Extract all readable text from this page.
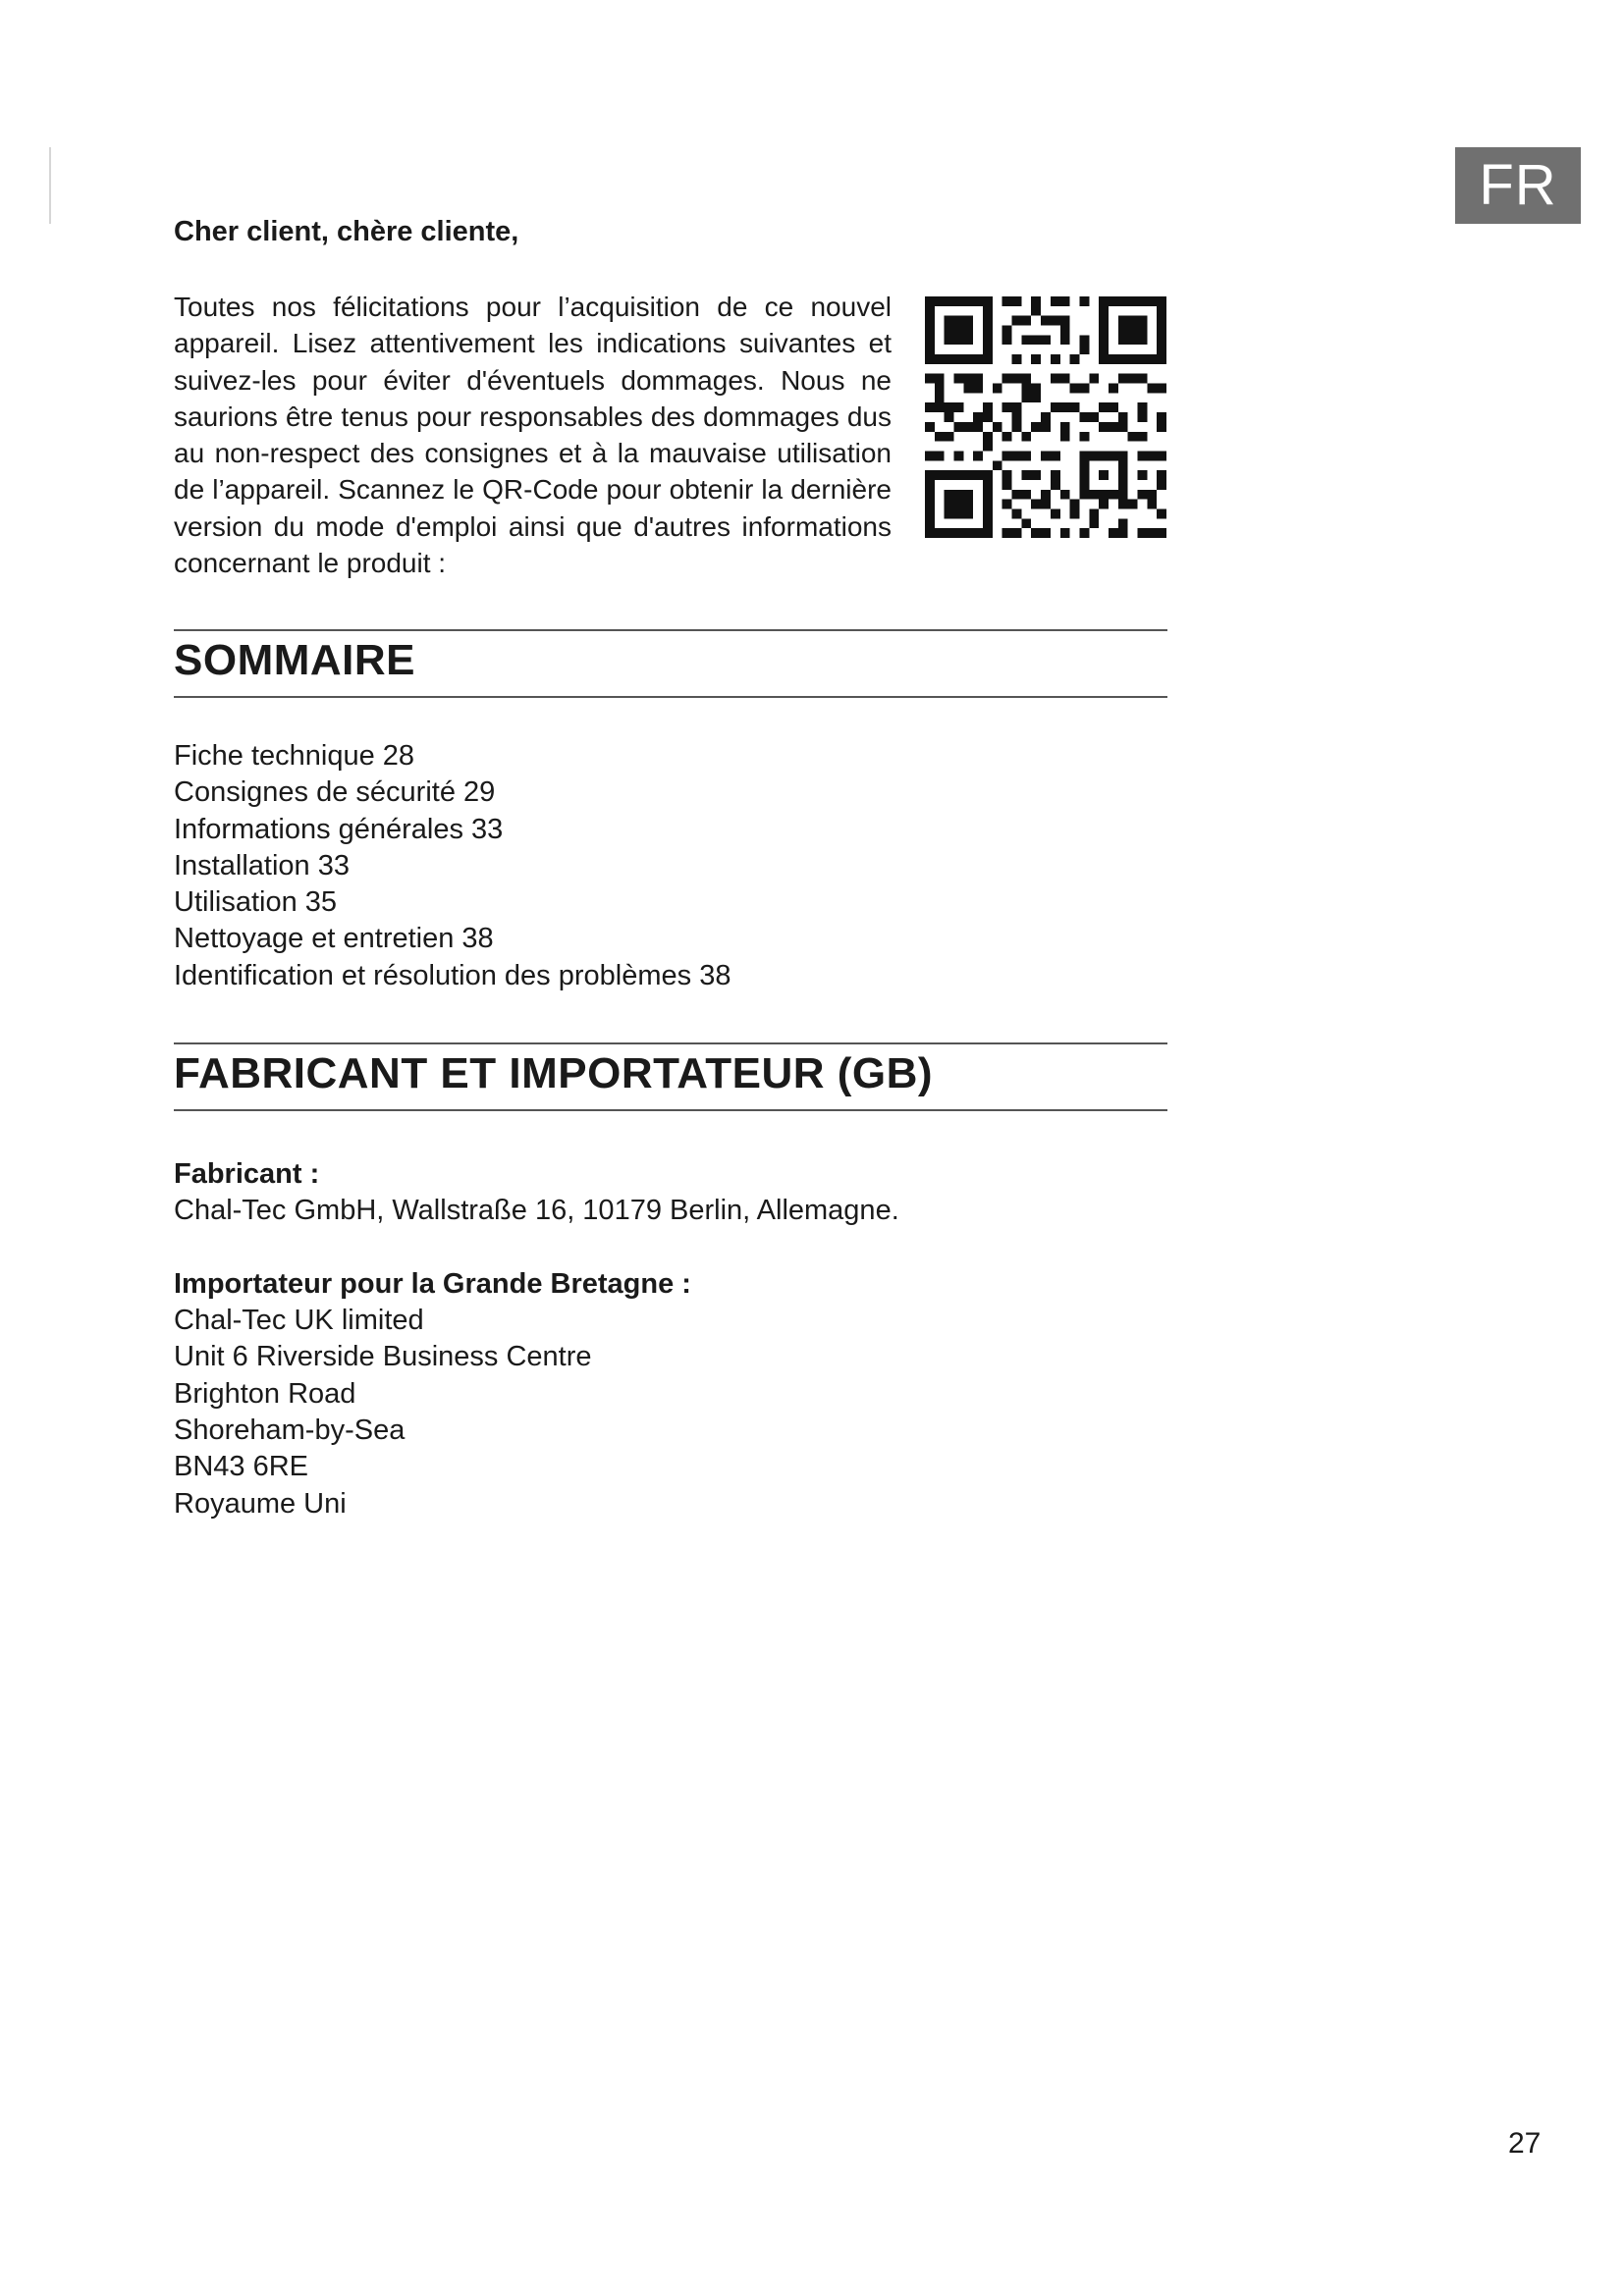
FR
Cher client, chère cliente,
Toutes nos félicitations pour l’acquisition de ce nouvel appareil. Lisez attentivement les indications suivantes et suivez-les pour éviter d'éventuels dommages. Nous ne saurions être tenus pour responsables des dommages dus au non-respect des consignes et à la mauvaise utilisation de l’appareil. Scannez le QR-Code pour obtenir la dernière version du mode d'emploi ainsi que d'autres informations concernant le produit :
SOMMAIRE
Fiche technique 28
Consignes de sécurité 29
Informations générales 33
Installation 33
Utilisation 35
Nettoyage et entretien 38
Identification et résolution des problèmes 38
FABRICANT ET IMPORTATEUR (GB)
Fabricant :
Chal-Tec GmbH, Wallstraße 16, 10179 Berlin, Allemagne.
Importateur pour la Grande Bretagne :
Chal-Tec UK limited
Unit 6 Riverside Business Centre
Brighton Road
Shoreham-by-Sea
BN43 6RE
Royaume Uni
27
